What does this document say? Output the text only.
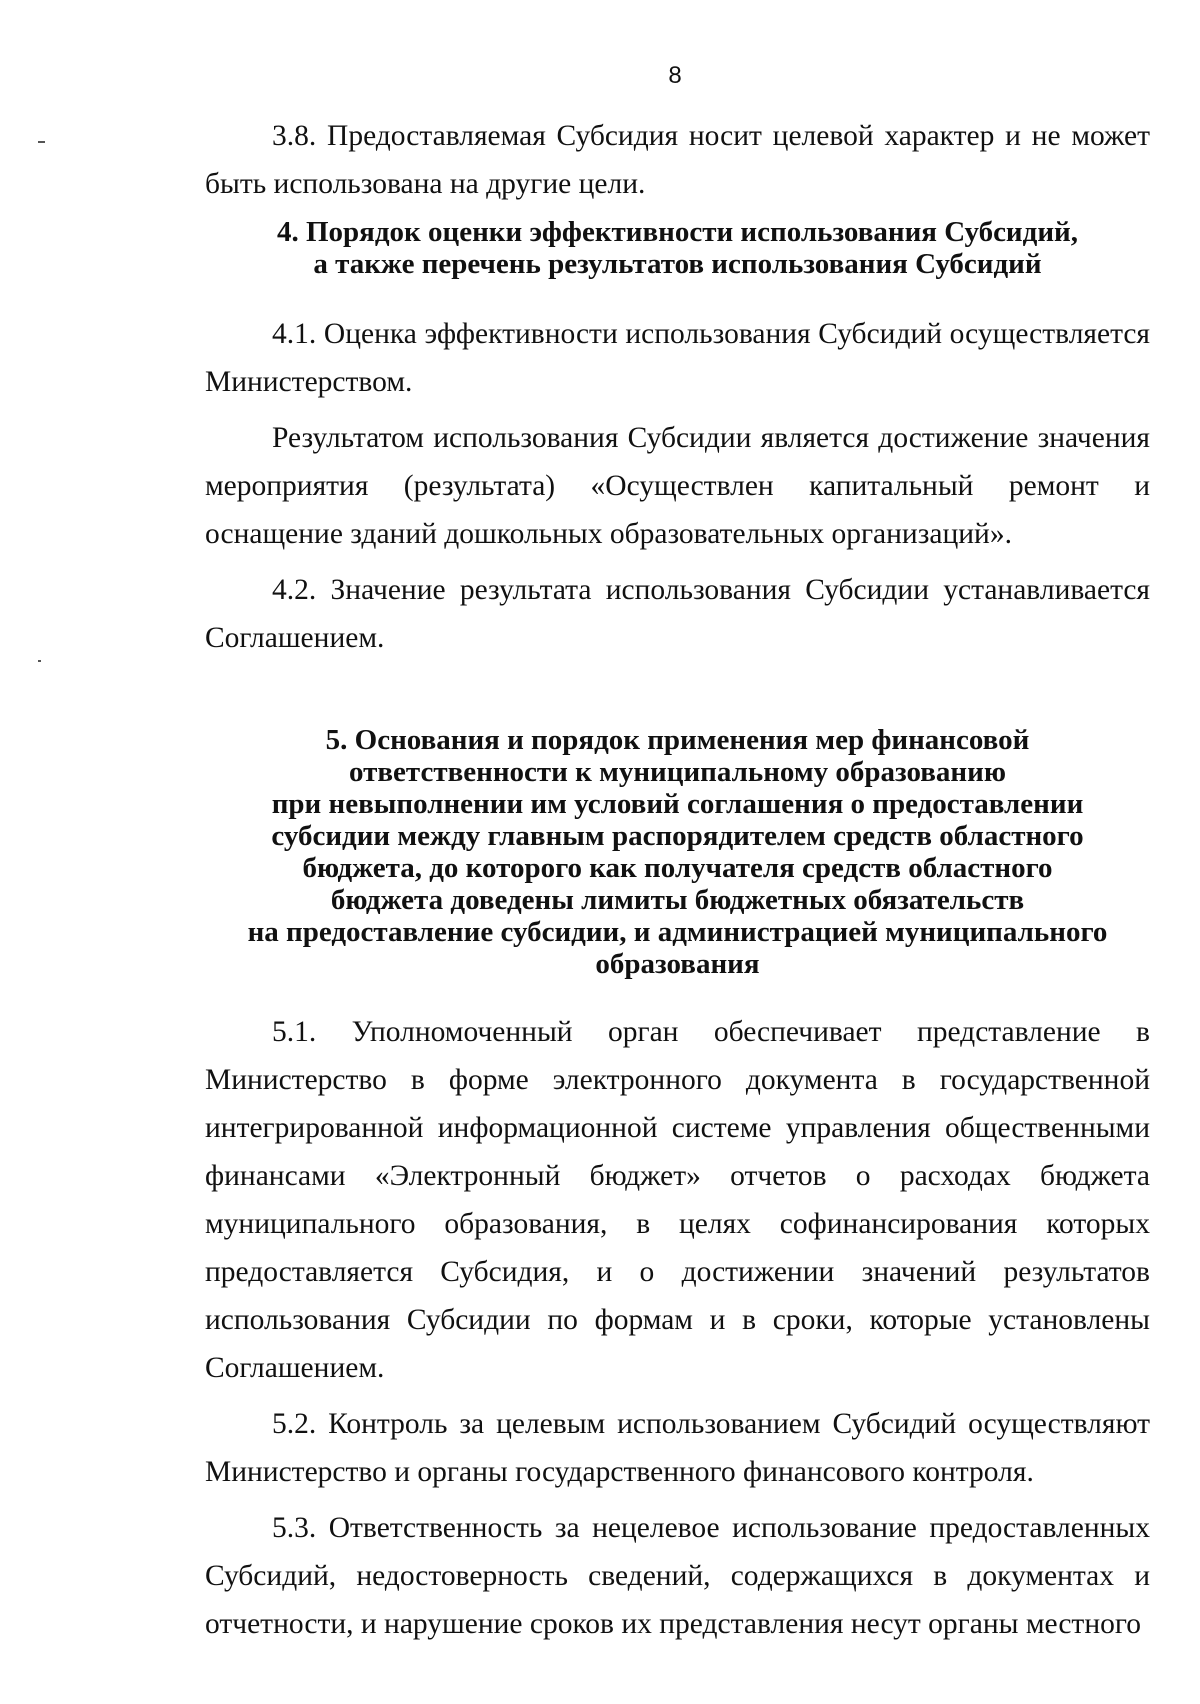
8

3.8. Предоставляемая Субсидия носит целевой характер и не может быть использована на другие цели.

4. Порядок оценки эффективности использования Субсидий,
а также перечень результатов использования Субсидий

4.1. Оценка эффективности использования Субсидий осуществляется Министерством.

Результатом использования Субсидии является достижение значения мероприятия (результата) «Осуществлен капитальный ремонт и оснащение зданий дошкольных образовательных организаций».

4.2. Значение результата использования Субсидии устанавливается Соглашением.

5. Основания и порядок применения мер финансовой
ответственности к муниципальному образованию
при невыполнении им условий соглашения о предоставлении
субсидии между главным распорядителем средств областного
бюджета, до которого как получателя средств областного
бюджета доведены лимиты бюджетных обязательств
на предоставление субсидии, и администрацией муниципального
образования

5.1. Уполномоченный орган обеспечивает представление в Министерство в форме электронного документа в государственной интегрированной информационной системе управления общественными финансами «Электронный бюджет» отчетов о расходах бюджета муниципального образования, в целях софинансирования которых предоставляется Субсидия, и о достижении значений результатов использования Субсидии по формам и в сроки, которые установлены Соглашением.

5.2. Контроль за целевым использованием Субсидий осуществляют Министерство и органы государственного финансового контроля.

5.3. Ответственность за нецелевое использование предоставленных Субсидий, недостоверность сведений, содержащихся в документах и отчетности, и нарушение сроков их представления несут органы местного
